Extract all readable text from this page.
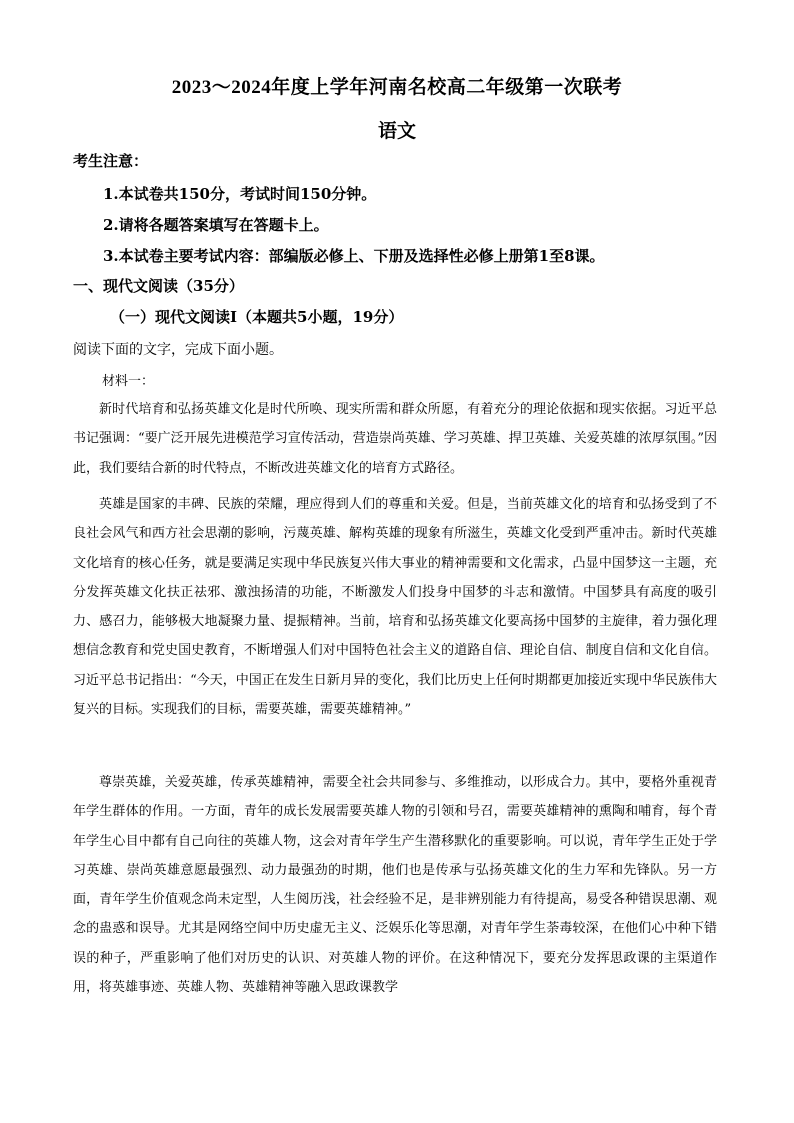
2023～2024年度上学年河南名校高二年级第一次联考
语文
考生注意：
1.本试卷共150分，考试时间150分钟。
2.请将各题答案填写在答题卡上。
3.本试卷主要考试内容：部编版必修上、下册及选择性必修上册第1至8课。
一、现代文阅读（35分）
（一）现代文阅读Ⅰ（本题共5小题，19分）
阅读下面的文字，完成下面小题。
材料一：

新时代培育和弘扬英雄文化是时代所唤、现实所需和群众所愿，有着充分的理论依据和现实依据。习近平总书记强调：“要广泛开展先进模范学习宣传活动，营造崇尚英雄、学习英雄、捍卫英雄、关爱英雄的浓厚氛围。”因此，我们要结合新的时代特点，不断改进英雄文化的培育方式路径。

英雄是国家的丰碑、民族的荣耀，理应得到人们的尊重和关爱。但是，当前英雄文化的培育和弘扬受到了不良社会风气和西方社会思潮的影响，污蔑英雄、解构英雄的现象有所滋生，英雄文化受到严重冲击。新时代英雄文化培育的核心任务，就是要满足实现中华民族复兴伟大事业的精神需要和文化需求，凸显中国梦这一主题，充分发挥英雄文化扶正祛邪、激浊扬清的功能，不断激发人们投身中国梦的斗志和激情。中国梦具有高度的吸引力、感召力，能够极大地凝聚力量、提振精神。当前，培育和弘扬英雄文化要高扬中国梦的主旋律，着力强化理想信念教育和党史国史教育，不断增强人们对中国特色社会主义的道路自信、理论自信、制度自信和文化自信。习近平总书记指出：“今天，中国正在发生日新月异的变化，我们比历史上任何时期都更加接近实现中华民族伟大复兴的目标。实现我们的目标，需要英雄，需要英雄精神。”

尊崇英雄，关爱英雄，传承英雄精神，需要全社会共同参与、多维推动，以形成合力。其中，要格外重视青年学生群体的作用。一方面，青年的成长发展需要英雄人物的引领和号召，需要英雄精神的熏陶和哺育，每个青年学生心目中都有自己向往的英雄人物，这会对青年学生产生潜移默化的重要影响。可以说，青年学生正处于学习英雄、崇尚英雄意愿最强烈、动力最强劲的时期，他们也是传承与弘扬英雄文化的生力军和先锋队。另一方面，青年学生价值观念尚未定型，人生阅历浅，社会经验不足，是非辨别能力有待提高，易受各种错误思潮、观念的蛊惑和误导。尤其是网络空间中历史虚无主义、泛娱乐化等思潮，对青年学生荼毒较深，在他们心中种下错误的种子，严重影响了他们对历史的认识、对英雄人物的评价。在这种情况下，要充分发挥思政课的主渠道作用，将英雄事迹、英雄人物、英雄精神等融入思政课教学
